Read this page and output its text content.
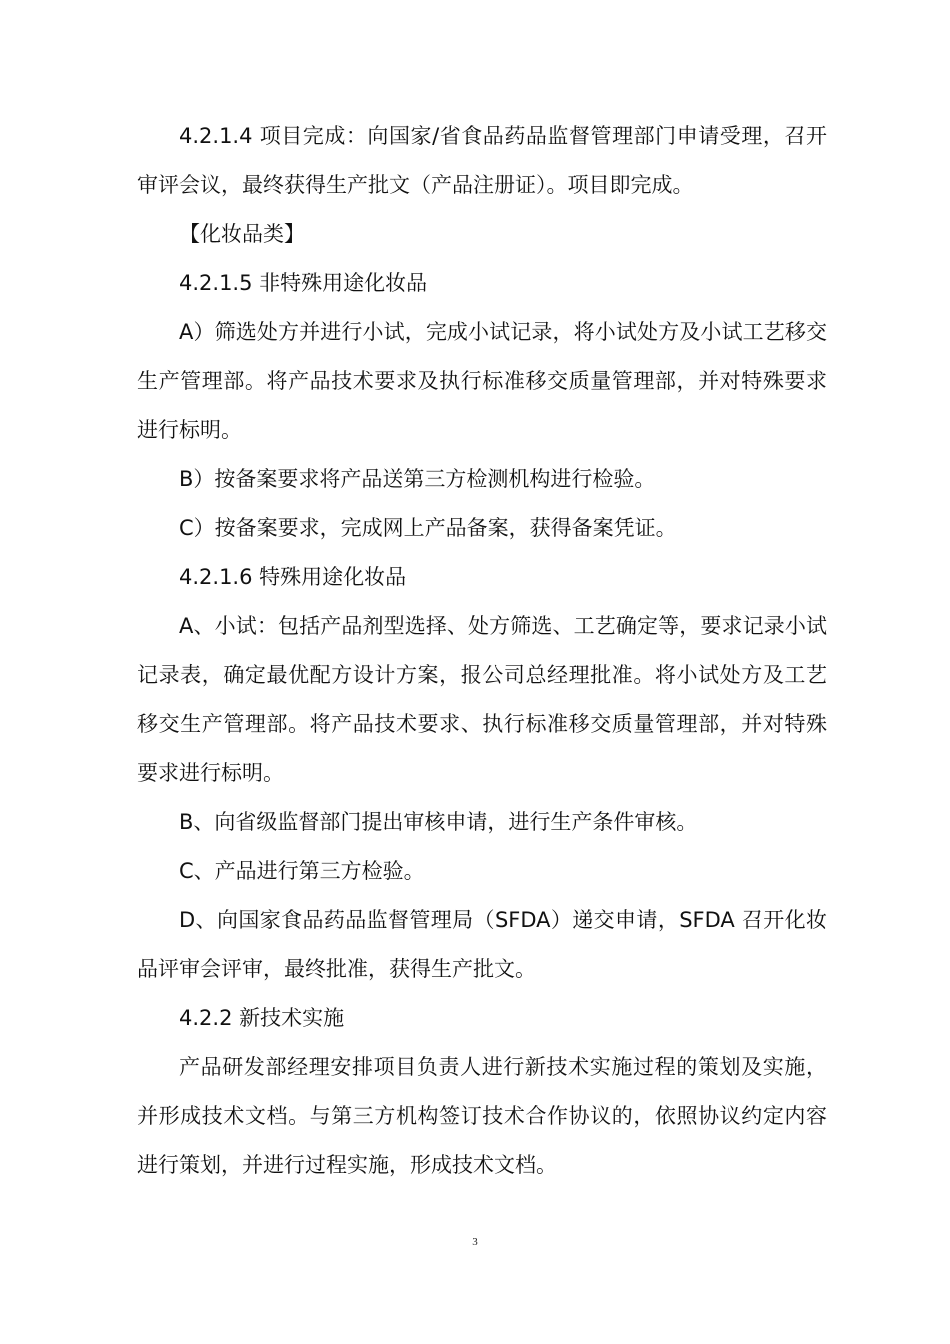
4.2.1.4 项目完成：向国家/省食品药品监督管理部门申请受理，召开审评会议，最终获得生产批文（产品注册证）。项目即完成。

【化妆品类】

4.2.1.5 非特殊用途化妆品

A）筛选处方并进行小试，完成小试记录，将小试处方及小试工艺移交生产管理部。将产品技术要求及执行标准移交质量管理部，并对特殊要求进行标明。

B）按备案要求将产品送第三方检测机构进行检验。

C）按备案要求，完成网上产品备案，获得备案凭证。

4.2.1.6 特殊用途化妆品

A、小试：包括产品剂型选择、处方筛选、工艺确定等，要求记录小试记录表，确定最优配方设计方案，报公司总经理批准。将小试处方及工艺移交生产管理部。将产品技术要求、执行标准移交质量管理部，并对特殊要求进行标明。

B、向省级监督部门提出审核申请，进行生产条件审核。

C、产品进行第三方检验。

D、向国家食品药品监督管理局（SFDA）递交申请，SFDA 召开化妆品评审会评审，最终批准，获得生产批文。

4.2.2 新技术实施

产品研发部经理安排项目负责人进行新技术实施过程的策划及实施，并形成技术文档。与第三方机构签订技术合作协议的，依照协议约定内容进行策划，并进行过程实施，形成技术文档。

3
